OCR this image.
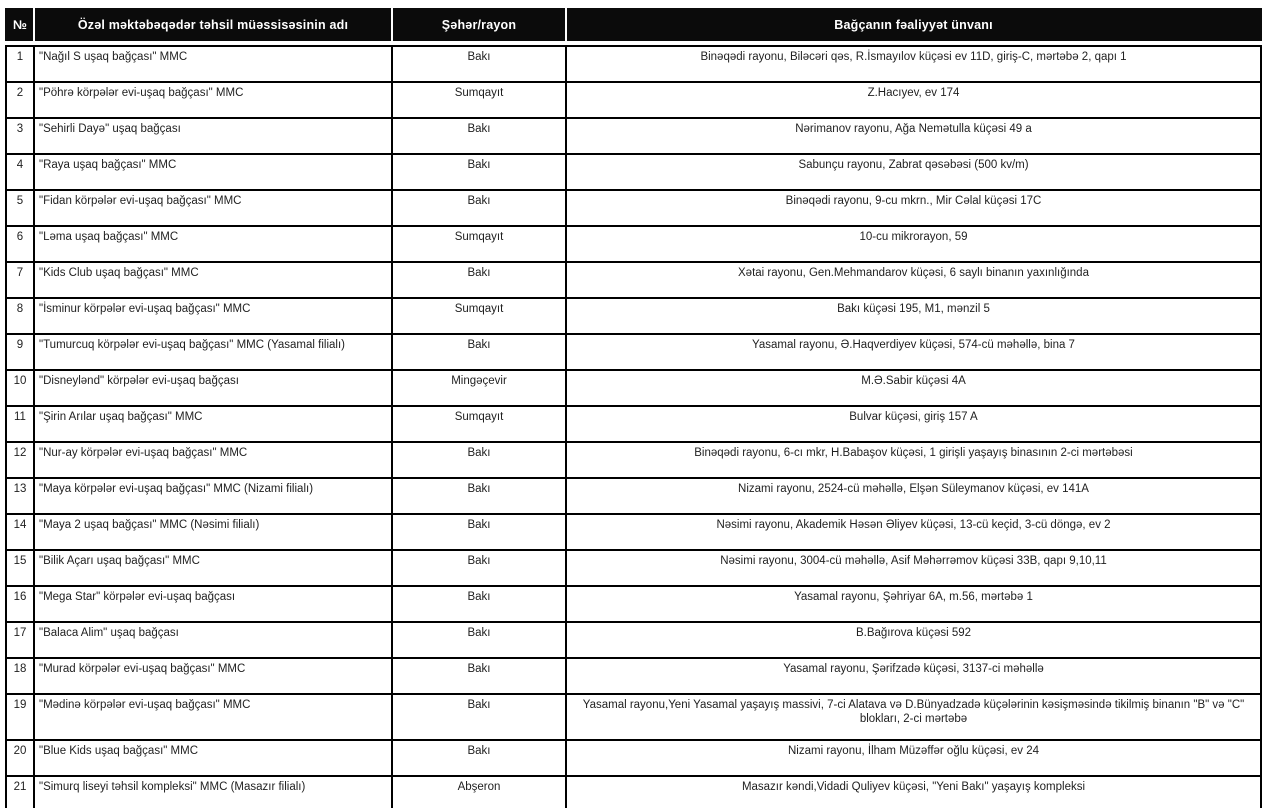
№	Özəl məktəbəqədər təhsil müəssisəsinin adı	Şəhər/rayon	Bağçanın fəaliyyət ünvanı
1	"Nağıl S uşaq bağçası" MMC	Bakı	Binəqədi rayonu, Biləcəri qəs, R.İsmayılov küçəsi ev 11D, giriş-C, mərtəbə 2, qapı 1
2	"Pöhrə körpələr evi-uşaq bağçası" MMC	Sumqayıt	Z.Hacıyev, ev 174
3	"Sehirli Dayə" uşaq bağçası	Bakı	Nərimanov rayonu, Ağa Nemətulla küçəsi 49 a
4	"Raya uşaq bağçası" MMC	Bakı	Sabunçu rayonu, Zabrat qəsəbəsi (500 kv/m)
5	"Fidan körpələr evi-uşaq bağçası" MMC	Bakı	Binəqədi rayonu, 9-cu mkrn., Mir Cəlal küçəsi 17C
6	"Ləma uşaq bağçası" MMC	Sumqayıt	10-cu mikrorayon, 59
7	"Kids Club uşaq bağçası" MMC	Bakı	Xətai rayonu, Gen.Mehmandarov küçəsi, 6 saylı binanın yaxınlığında
8	"İsminur körpələr evi-uşaq bağçası" MMC	Sumqayıt	Bakı küçəsi 195, M1, mənzil 5
9	"Tumurcuq körpələr evi-uşaq bağçası" MMC (Yasamal filialı)	Bakı	Yasamal rayonu, Ə.Haqverdiyev küçəsi, 574-cü məhəllə, bina 7
10	"Disneylənd" körpələr evi-uşaq bağçası	Mingəçevir	M.Ə.Sabir küçəsi 4A
11	"Şirin Arılar uşaq bağçası" MMC	Sumqayıt	Bulvar küçəsi, giriş 157 A
12	"Nur-ay körpələr evi-uşaq bağçası" MMC	Bakı	Binəqədi rayonu, 6-cı mkr, H.Babaşov küçəsi, 1 girişli yaşayış binasının 2-ci mərtəbəsi
13	"Maya körpələr evi-uşaq bağçası" MMC (Nizami filialı)	Bakı	Nizami rayonu, 2524-cü məhəllə, Elşən Süleymanov küçəsi, ev 141A
14	"Maya 2 uşaq bağçası" MMC (Nəsimi filialı)	Bakı	Nəsimi rayonu, Akademik Həsən Əliyev küçəsi, 13-cü keçid, 3-cü döngə, ev 2
15	"Bilik Açarı uşaq bağçası" MMC	Bakı	Nəsimi rayonu, 3004-cü məhəllə, Asif Məhərrəmov küçəsi 33B, qapı 9,10,11
16	"Mega Star" körpələr evi-uşaq bağçası	Bakı	Yasamal rayonu, Şəhriyar 6A, m.56, mərtəbə 1
17	"Balaca Alim" uşaq bağçası	Bakı	B.Bağırova küçəsi 592
18	"Murad körpələr evi-uşaq bağçası" MMC	Bakı	Yasamal rayonu, Şərifzadə küçəsi, 3137-ci məhəllə
19	"Mədinə körpələr evi-uşaq bağçası" MMC	Bakı	Yasamal rayonu,Yeni Yasamal yaşayış massivi, 7-ci Alatava və D.Bünyadzadə küçələrinin kəsişməsində tikilmiş binanın "B" və "C" blokları, 2-ci mərtəbə
20	"Blue Kids uşaq bağçası" MMC	Bakı	Nizami rayonu, İlham Müzəffər oğlu küçəsi, ev 24
21	"Simurq liseyi təhsil kompleksi" MMC (Masazır filialı)	Abşeron	Masazır kəndi,Vidadi Quliyev küçəsi, "Yeni Bakı" yaşayış kompleksi
